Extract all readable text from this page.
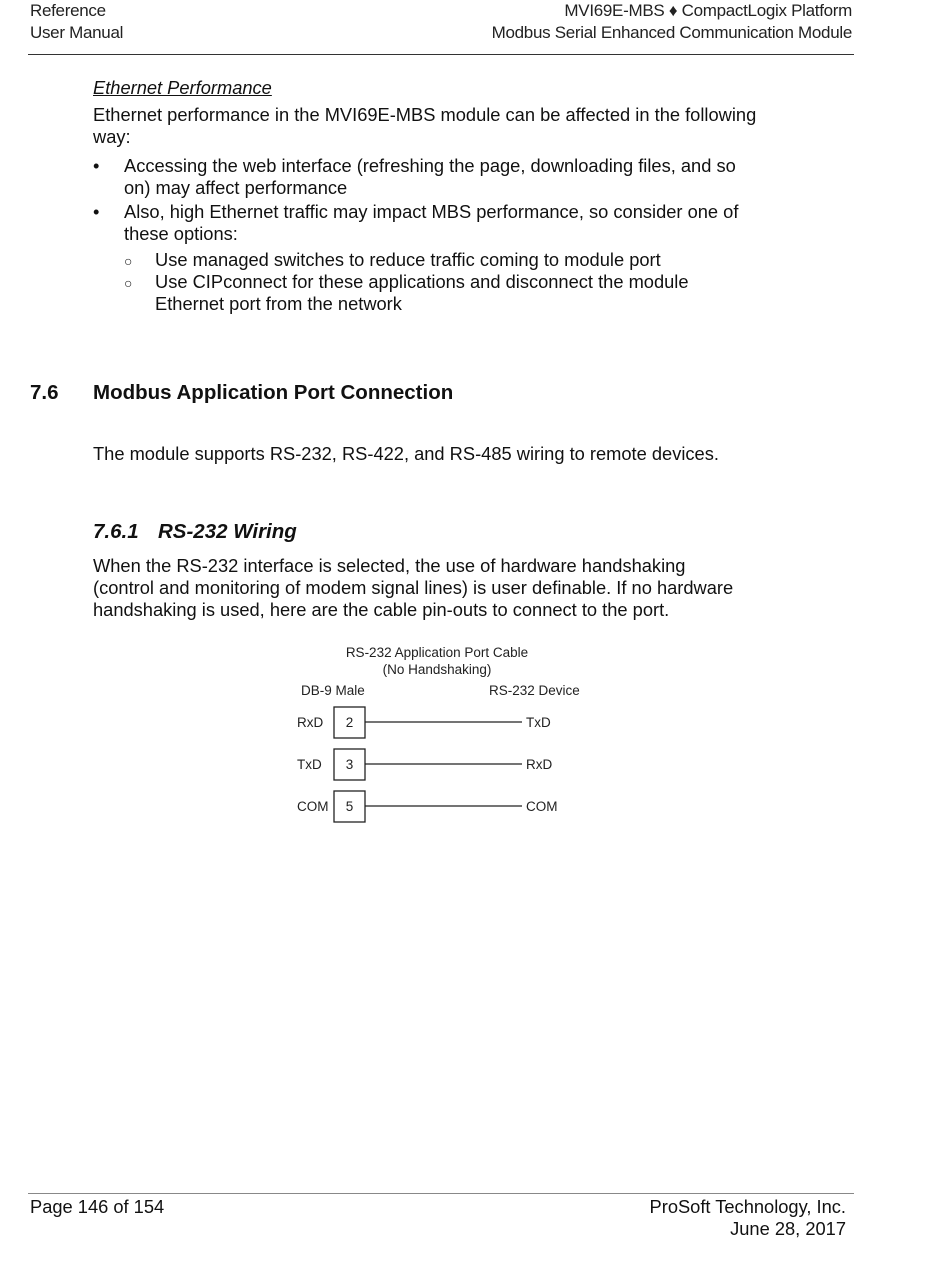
Reference
User Manual
MVI69E-MBS ♦ CompactLogix Platform
Modbus Serial Enhanced Communication Module
Ethernet Performance
Ethernet performance in the MVI69E-MBS module can be affected in the following way:
• Accessing the web interface (refreshing the page, downloading files, and so
on) may affect performance
• Also, high Ethernet traffic may impact MBS performance, so consider one of
these options:
○ Use managed switches to reduce traffic coming to module port
○ Use CIPconnect for these applications and disconnect the module
Ethernet port from the network
7.6 Modbus Application Port Connection
The module supports RS-232, RS-422, and RS-485 wiring to remote devices.
7.6.1 RS-232 Wiring
When the RS-232 interface is selected, the use of hardware handshaking
(control and monitoring of modem signal lines) is user definable. If no hardware
handshaking is used, here are the cable pin-outs to connect to the port.
RS-232 Application Port Cable
(No Handshaking)
DB-9 Male	RS-232 Device
RxD 2	TxD
TxD 3	RxD
COM 5	COM
Page 146 of 154	ProSoft Technology, Inc.
June 28, 2017
